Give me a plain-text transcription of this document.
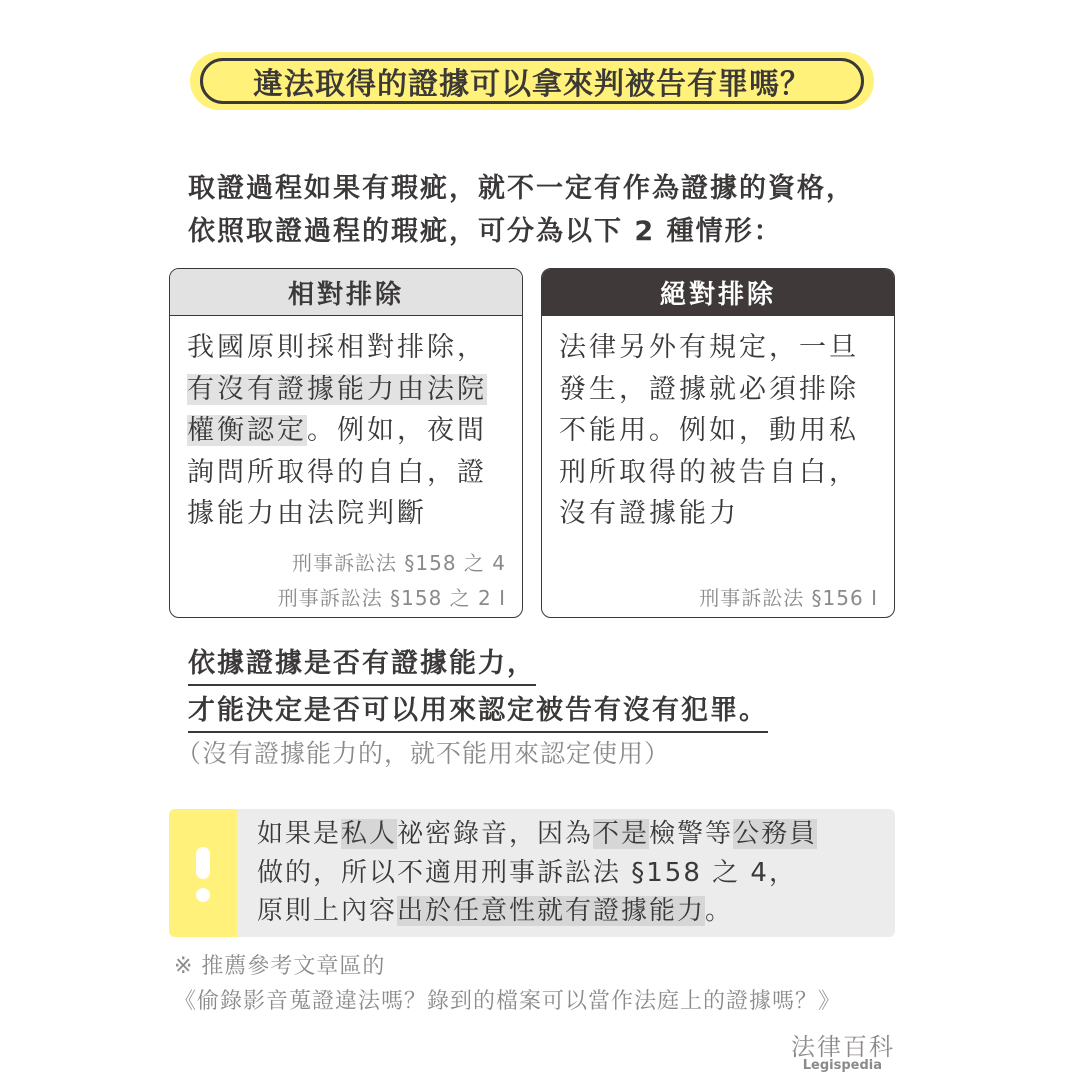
違法取得的證據可以拿來判被告有罪嗎？
取證過程如果有瑕疵，就不一定有作為證據的資格，
依照取證過程的瑕疵，可分為以下 2 種情形：
相對排除
我國原則採相對排除，
有沒有證據能力由法院
權衡認定。例如，夜間
詢問所取得的自白，證
據能力由法院判斷
刑事訴訟法 §158 之 4
刑事訴訟法 §158 之 2 I
絕對排除
法律另外有規定，一旦
發生，證據就必須排除
不能用。例如，動用私
刑所取得的被告自白，
沒有證據能力
刑事訴訟法 §156 I
依據證據是否有證據能力，
才能決定是否可以用來認定被告有沒有犯罪。
（沒有證據能力的，就不能用來認定使用）
如果是私人祕密錄音，因為不是檢警等公務員
做的，所以不適用刑事訴訟法 §158 之 4，
原則上內容出於任意性就有證據能力。
※ 推薦參考文章區的
《偷錄影音蒐證違法嗎？錄到的檔案可以當作法庭上的證據嗎？》
法律百科
Legispedia
